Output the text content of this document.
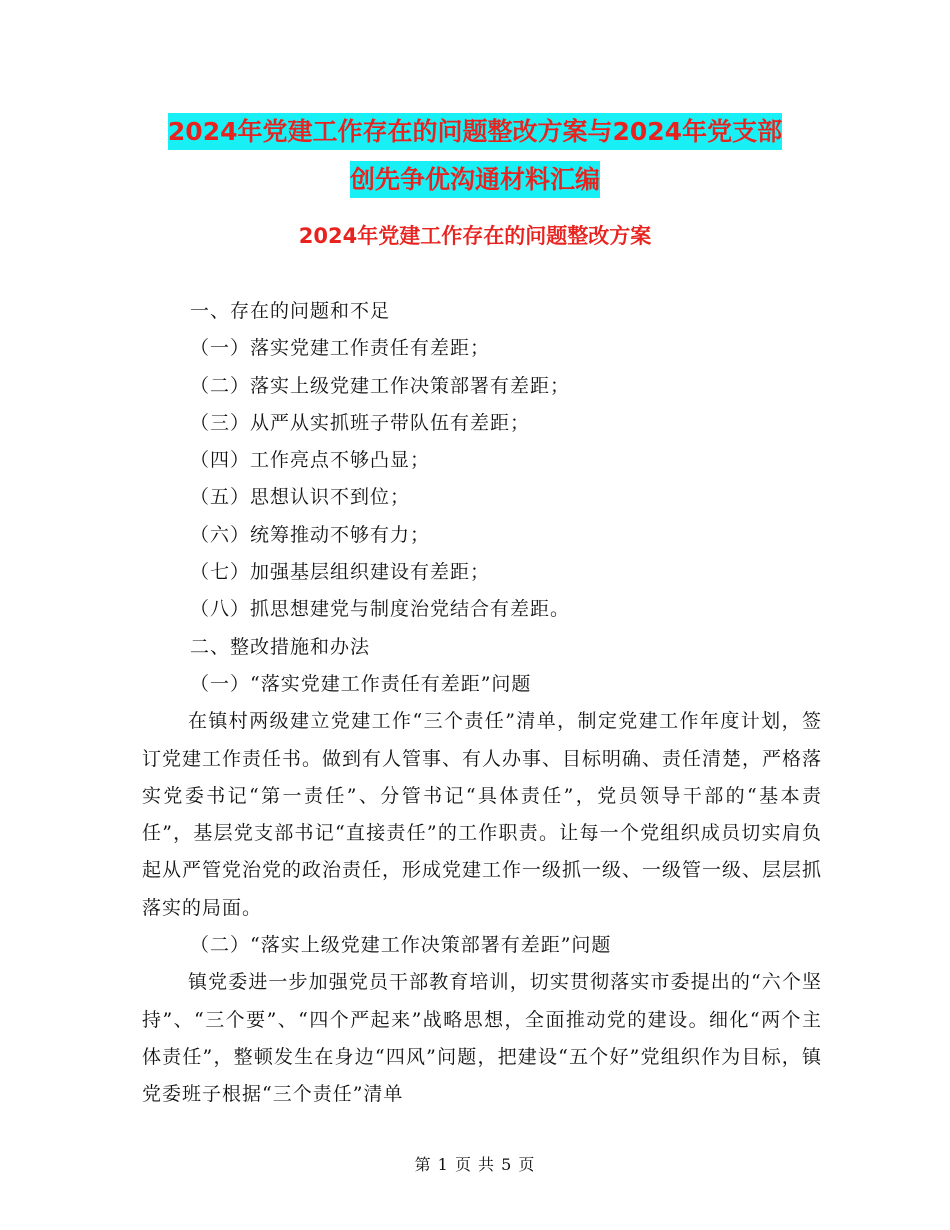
2024年党建工作存在的问题整改方案与2024年党支部
创先争优沟通材料汇编
2024年党建工作存在的问题整改方案

一、存在的问题和不足

（一）落实党建工作责任有差距；

（二）落实上级党建工作决策部署有差距；

（三）从严从实抓班子带队伍有差距；

（四）工作亮点不够凸显；

（五）思想认识不到位；

（六）统筹推动不够有力；

（七）加强基层组织建设有差距；

（八）抓思想建党与制度治党结合有差距。

二、整改措施和办法

（一）“落实党建工作责任有差距”问题

在镇村两级建立党建工作“三个责任”清单，制定党建工作年度计划，签订党建工作责任书。做到有人管事、有人办事、目标明确、责任清楚，严格落实党委书记“第一责任”、分管书记“具体责任”，党员领导干部的“基本责任”，基层党支部书记“直接责任”的工作职责。让每一个党组织成员切实肩负起从严管党治党的政治责任，形成党建工作一级抓一级、一级管一级、层层抓落实的局面。

（二）“落实上级党建工作决策部署有差距”问题

镇党委进一步加强党员干部教育培训，切实贯彻落实市委提出的“六个坚持”、“三个要”、“四个严起来”战略思想，全面推动党的建设。细化“两个主体责任”，整顿发生在身边“四风”问题，把建设“五个好”党组织作为目标，镇党委班子根据“三个责任”清单

第 1 页 共 5 页
